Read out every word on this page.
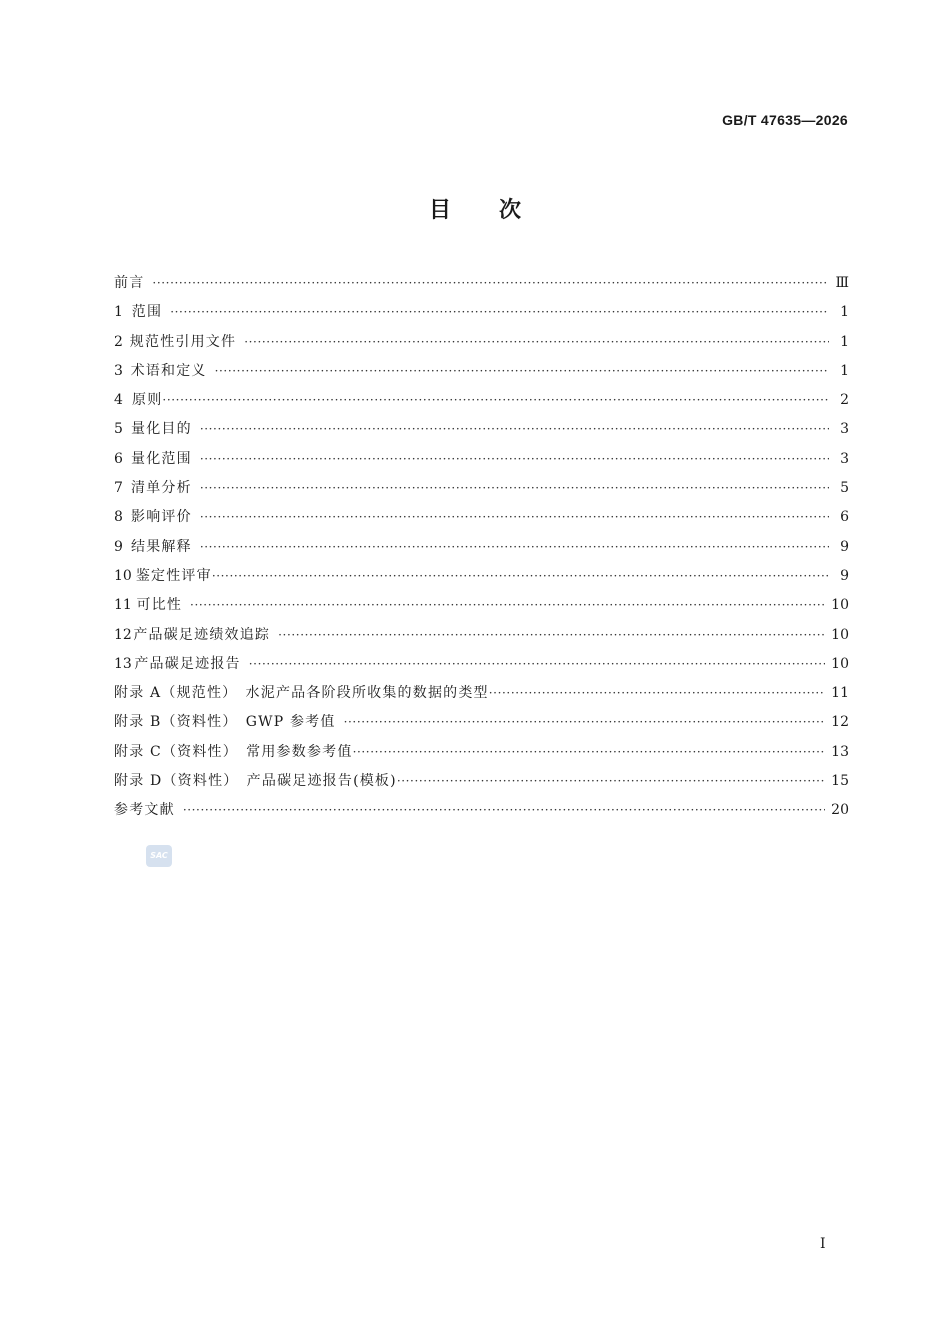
GB/T 47635—2026
目 次
前言 ·····	Ⅲ
1 范围 ·····	1
2 规范性引用文件 ·····	1
3 术语和定义 ·····	1
4 原则 ·····	2
5 量化目的 ·····	3
6 量化范围 ·····	3
7 清单分析 ·····	5
8 影响评价 ·····	6
9 结果解释 ·····	9
10 鉴定性评审 ·····	9
11 可比性 ·····	10
12 产品碳足迹绩效追踪 ·····	10
13 产品碳足迹报告 ·····	10
附录 A（规范性）　水泥产品各阶段所收集的数据的类型 ·····	11
附录 B（资料性）　GWP 参考值 ·····	12
附录 C（资料性）　常用参数参考值 ·····	13
附录 D（资料性）　产品碳足迹报告(模板) ·····	15
参考文献 ·····	20
SAC
I
